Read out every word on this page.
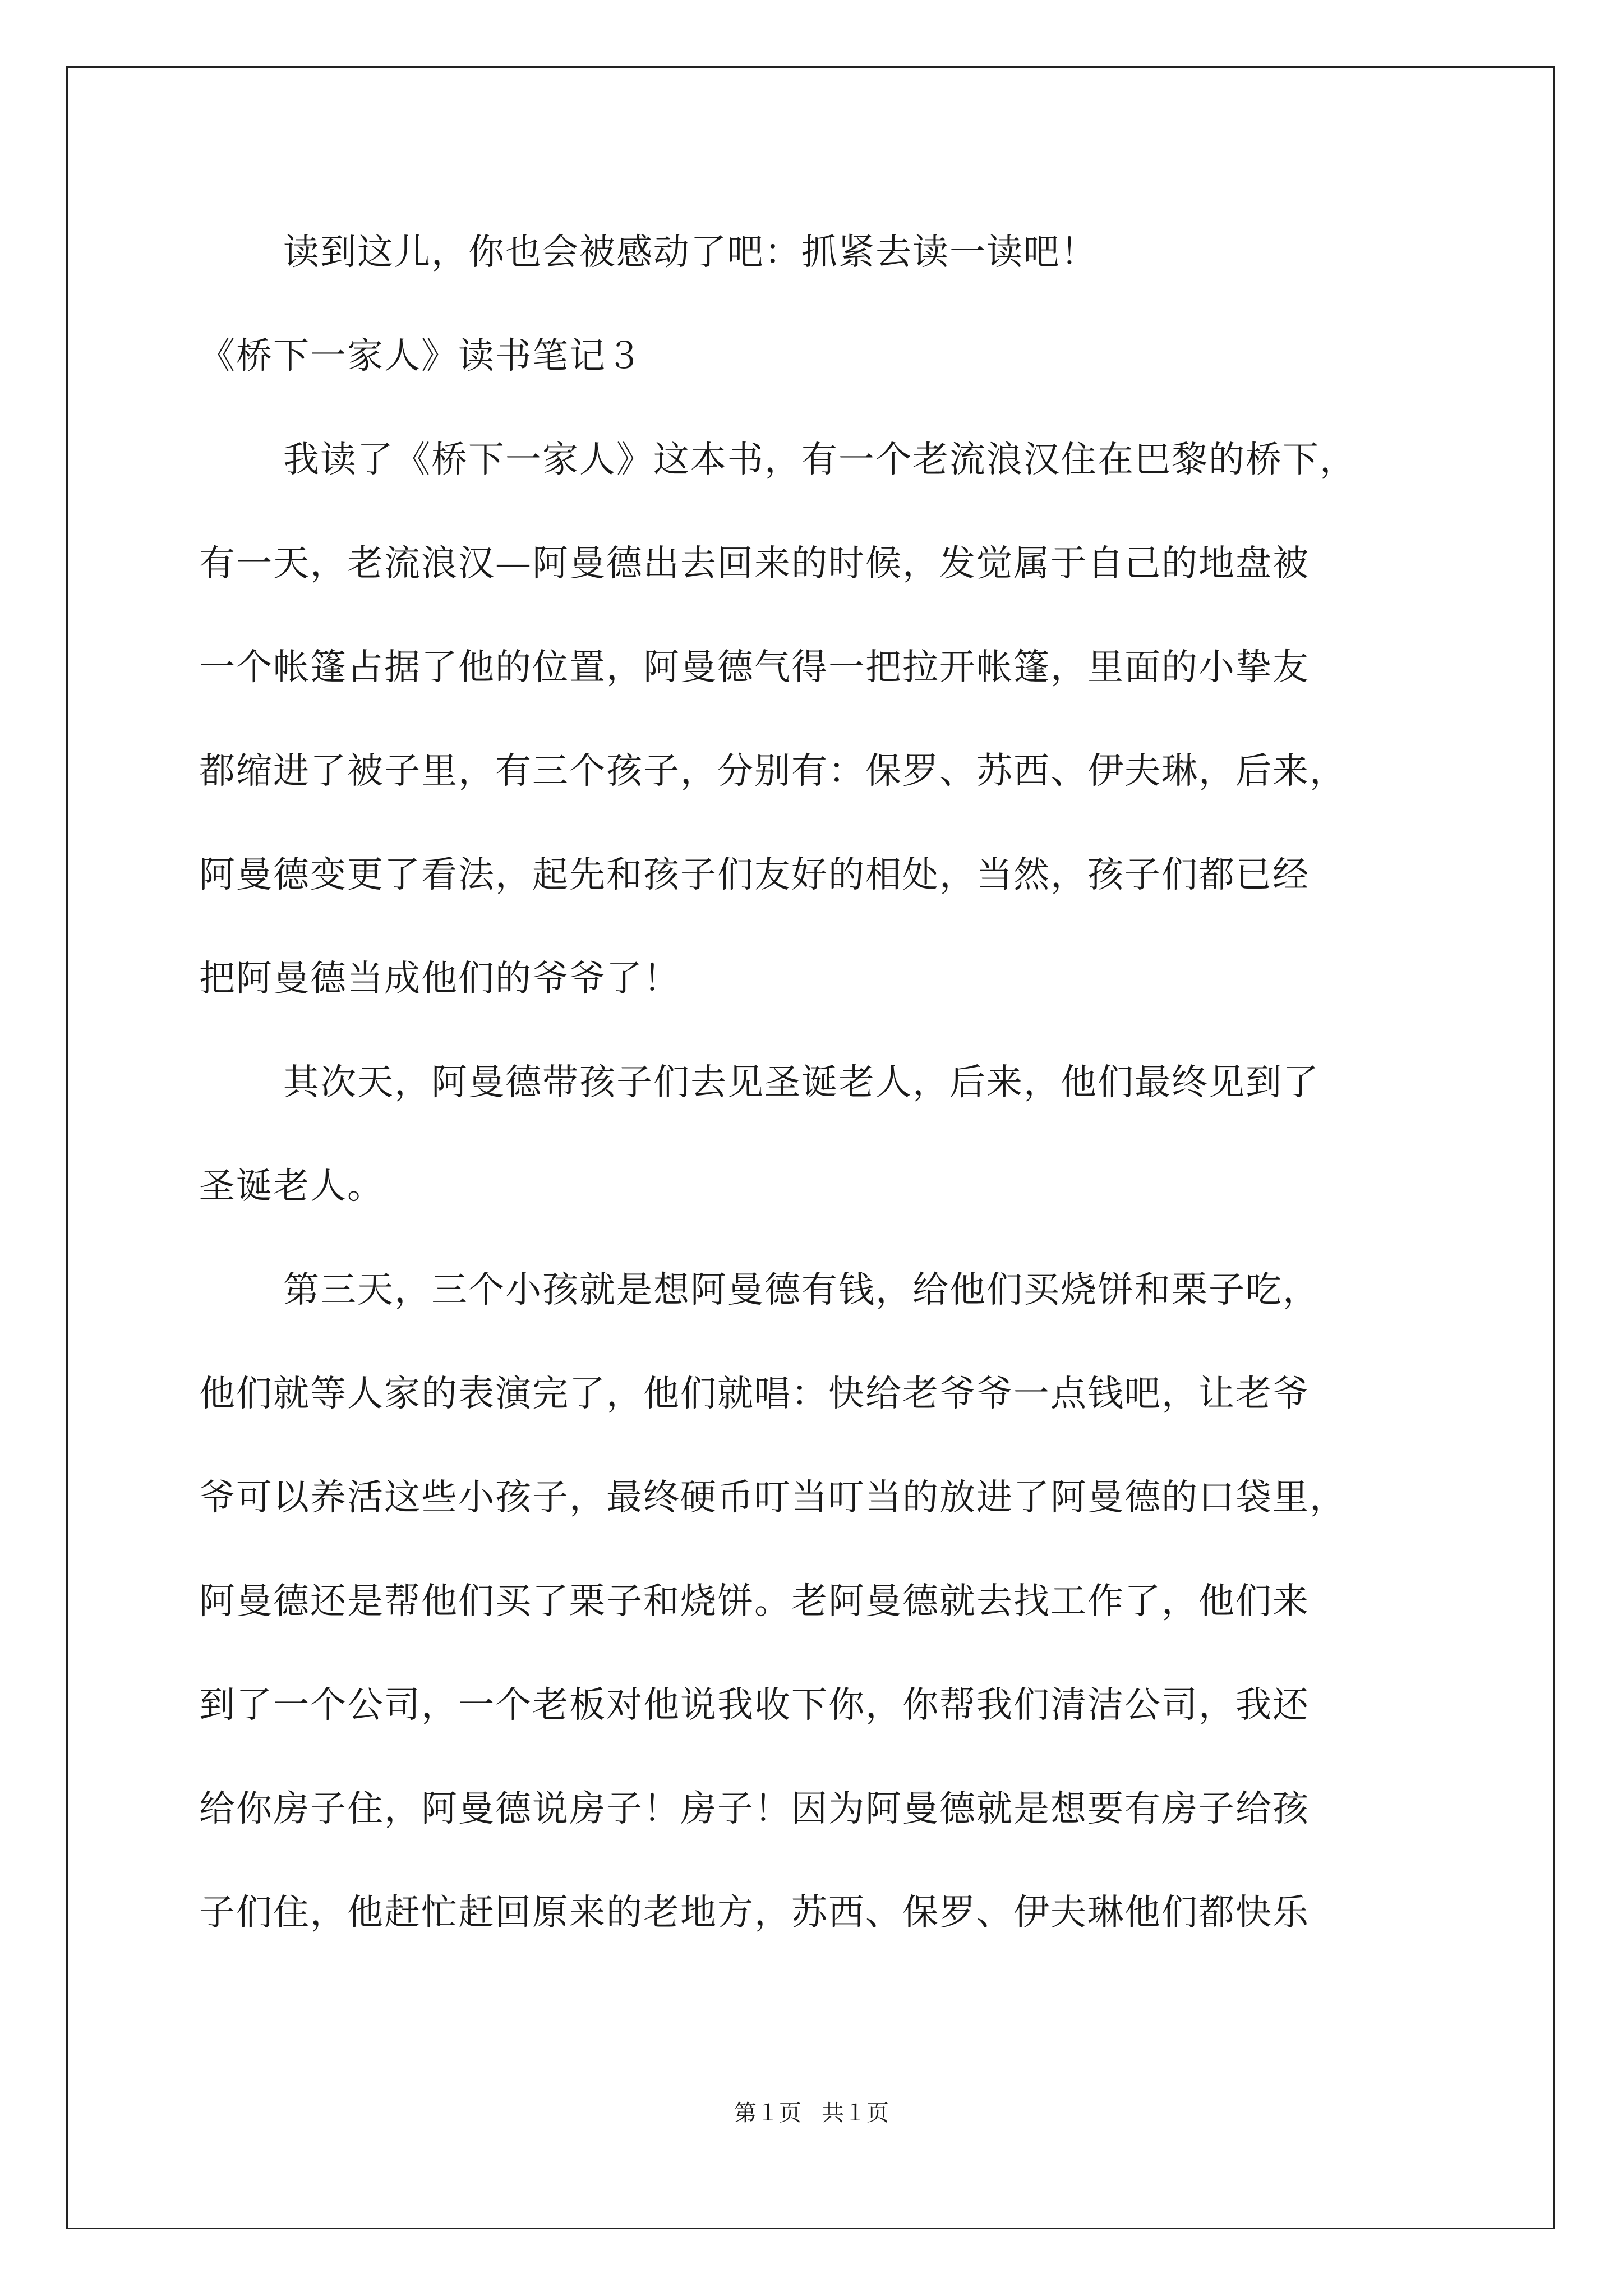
读到这儿，你也会被感动了吧：抓紧去读一读吧！
《桥下一家人》读书笔记３
我读了《桥下一家人》这本书，有一个老流浪汉住在巴黎的桥下，
有一天，老流浪汉—阿曼德出去回来的时候，发觉属于自己的地盘被
一个帐篷占据了他的位置，阿曼德气得一把拉开帐篷，里面的小挚友
都缩进了被子里，有三个孩子，分别有：保罗、苏西、伊夫琳，后来，
阿曼德变更了看法，起先和孩子们友好的相处，当然，孩子们都已经
把阿曼德当成他们的爷爷了！
其次天，阿曼德带孩子们去见圣诞老人，后来，他们最终见到了
圣诞老人。
第三天，三个小孩就是想阿曼德有钱，给他们买烧饼和栗子吃，
他们就等人家的表演完了，他们就唱：快给老爷爷一点钱吧，让老爷
爷可以养活这些小孩子，最终硬币叮当叮当的放进了阿曼德的口袋里，
阿曼德还是帮他们买了栗子和烧饼。老阿曼德就去找工作了，他们来
到了一个公司，一个老板对他说我收下你，你帮我们清洁公司，我还
给你房子住，阿曼德说房子！房子！因为阿曼德就是想要有房子给孩
子们住，他赶忙赶回原来的老地方，苏西、保罗、伊夫琳他们都快乐
第１页 共１页
